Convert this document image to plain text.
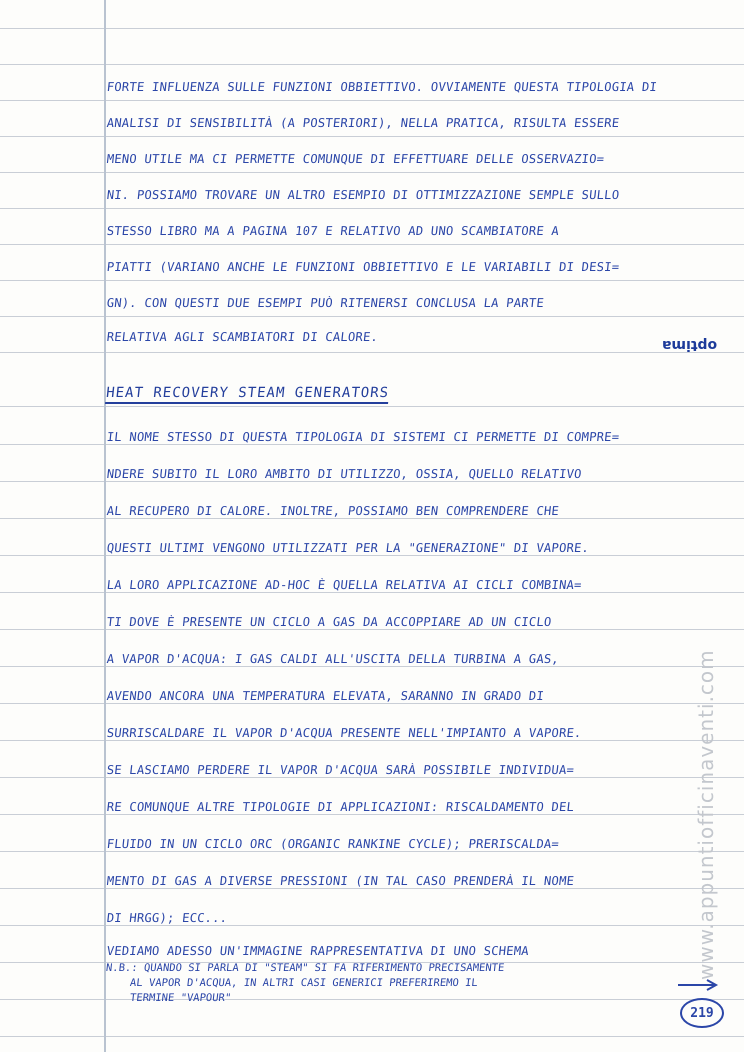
FORTE INFLUENZA SULLE FUNZIONI OBBIETTIVO. OVVIAMENTE QUESTA TIPOLOGIA DI
ANALISI DI SENSIBILITÀ (A POSTERIORI), NELLA PRATICA, RISULTA ESSERE
MENO UTILE MA CI PERMETTE COMUNQUE DI EFFETTUARE DELLE OSSERVAZIO=
NI. POSSIAMO TROVARE UN ALTRO ESEMPIO DI OTTIMIZZAZIONE SEMPLE SULLO
STESSO LIBRO MA A PAGINA 107 E RELATIVO AD UNO SCAMBIATORE A
PIATTI (VARIANO ANCHE LE FUNZIONI OBBIETTIVO E LE VARIABILI DI DESI=
GN). CON QUESTI DUE ESEMPI PUÒ RITENERSI CONCLUSA LA PARTE
RELATIVA AGLI SCAMBIATORI DI CALORE.	optima
HEAT RECOVERY STEAM GENERATORS
IL NOME STESSO DI QUESTA TIPOLOGIA DI SISTEMI CI PERMETTE DI COMPRE=
NDERE SUBITO IL LORO AMBITO DI UTILIZZO, OSSIA, QUELLO RELATIVO
AL RECUPERO DI CALORE. INOLTRE, POSSIAMO BEN COMPRENDERE CHE
QUESTI ULTIMI VENGONO UTILIZZATI PER LA "GENERAZIONE" DI VAPORE.
LA LORO APPLICAZIONE AD-HOC È QUELLA RELATIVA AI CICLI COMBINA=
TI DOVE È PRESENTE UN CICLO A GAS DA ACCOPPIARE AD UN CICLO
A VAPOR D'ACQUA: I GAS CALDI ALL'USCITA DELLA TURBINA A GAS,
AVENDO ANCORA UNA TEMPERATURA ELEVATA, SARANNO IN GRADO DI
SURRISCALDARE IL VAPOR D'ACQUA PRESENTE NELL'IMPIANTO A VAPORE.
SE LASCIAMO PERDERE IL VAPOR D'ACQUA SARÀ POSSIBILE INDIVIDUA=
RE COMUNQUE ALTRE TIPOLOGIE DI APPLICAZIONI: RISCALDAMENTO DEL
FLUIDO IN UN CICLO ORC (ORGANIC RANKINE CYCLE); PRERISCALDA=
MENTO DI GAS A DIVERSE PRESSIONI (IN TAL CASO PRENDERÀ IL NOME
DI HRGG); ECC...
VEDIAMO ADESSO UN'IMMAGINE RAPPRESENTATIVA DI UNO SCHEMA
N.B.: QUANDO SI PARLA DI "STEAM" SI FA RIFERIMENTO PRECISAMENTE
AL VAPOR D'ACQUA, IN ALTRI CASI GENERICI PREFERIREMO IL
TERMINE "VAPOUR"
www.appuntiofficinaventi.com
219
